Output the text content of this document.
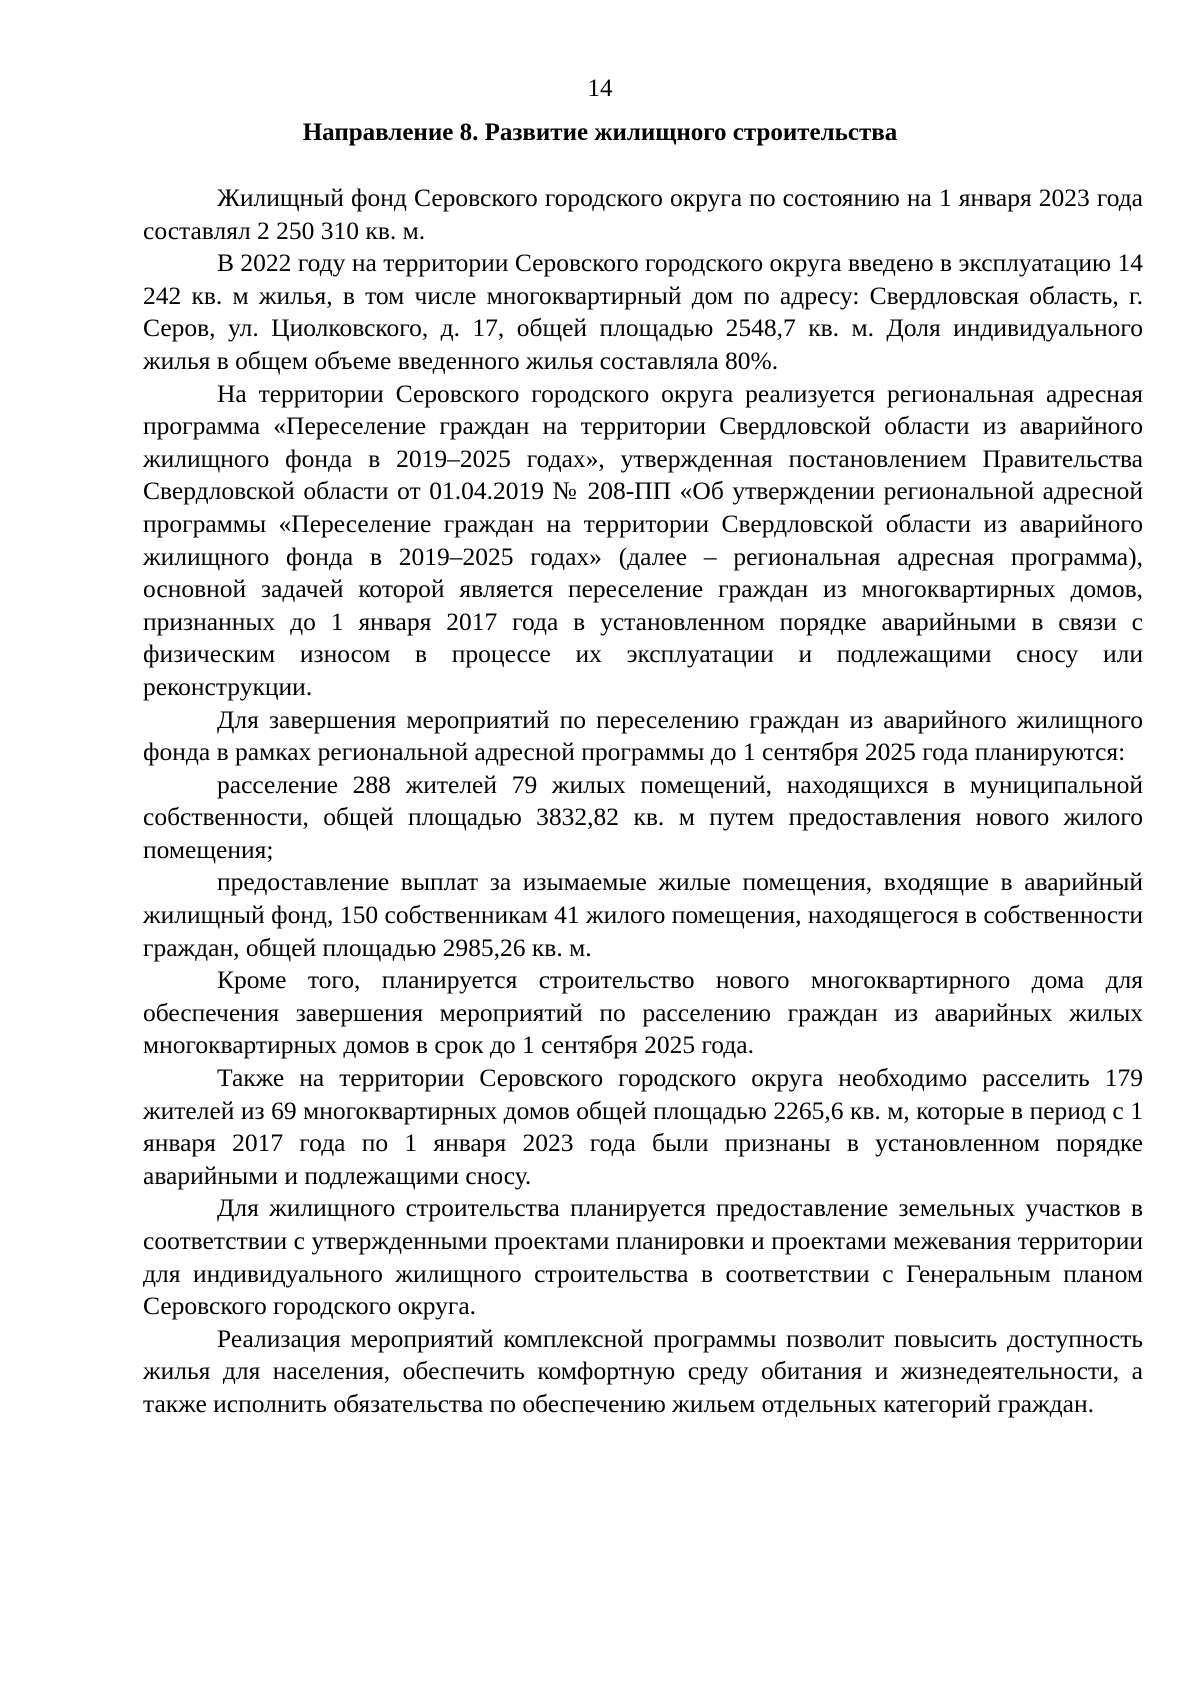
14
Направление 8. Развитие жилищного строительства

Жилищный фонд Серовского городского округа по состоянию на 1 января 2023 года составлял 2 250 310 кв. м.

В 2022 году на территории Серовского городского округа введено в эксплуатацию 14 242 кв. м жилья, в том числе многоквартирный дом по адресу: Свердловская область, г. Серов, ул. Циолковского, д. 17, общей площадью 2548,7 кв. м. Доля индивидуального жилья в общем объеме введенного жилья составляла 80%.

На территории Серовского городского округа реализуется региональная адресная программа «Переселение граждан на территории Свердловской области из аварийного жилищного фонда в 2019–2025 годах», утвержденная постановлением Правительства Свердловской области от 01.04.2019 № 208-ПП «Об утверждении региональной адресной программы «Переселение граждан на территории Свердловской области из аварийного жилищного фонда в 2019–2025 годах» (далее – региональная адресная программа), основной задачей которой является переселение граждан из многоквартирных домов, признанных до 1 января 2017 года в установленном порядке аварийными в связи с физическим износом в процессе их эксплуатации и подлежащими сносу или реконструкции.

Для завершения мероприятий по переселению граждан из аварийного жилищного фонда в рамках региональной адресной программы до 1 сентября 2025 года планируются:

расселение 288 жителей 79 жилых помещений, находящихся в муниципальной собственности, общей площадью 3832,82 кв. м путем предоставления нового жилого помещения;

предоставление выплат за изымаемые жилые помещения, входящие в аварийный жилищный фонд, 150 собственникам 41 жилого помещения, находящегося в собственности граждан, общей площадью 2985,26 кв. м.

Кроме того, планируется строительство нового многоквартирного дома для обеспечения завершения мероприятий по расселению граждан из аварийных жилых многоквартирных домов в срок до 1 сентября 2025 года.

Также на территории Серовского городского округа необходимо расселить 179 жителей из 69 многоквартирных домов общей площадью 2265,6 кв. м, которые в период с 1 января 2017 года по 1 января 2023 года были признаны в установленном порядке аварийными и подлежащими сносу.

Для жилищного строительства планируется предоставление земельных участков в соответствии с утвержденными проектами планировки и проектами межевания территории для индивидуального жилищного строительства в соответствии с Генеральным планом Серовского городского округа.

Реализация мероприятий комплексной программы позволит повысить доступность жилья для населения, обеспечить комфортную среду обитания и жизнедеятельности, а также исполнить обязательства по обеспечению жильем отдельных категорий граждан.
